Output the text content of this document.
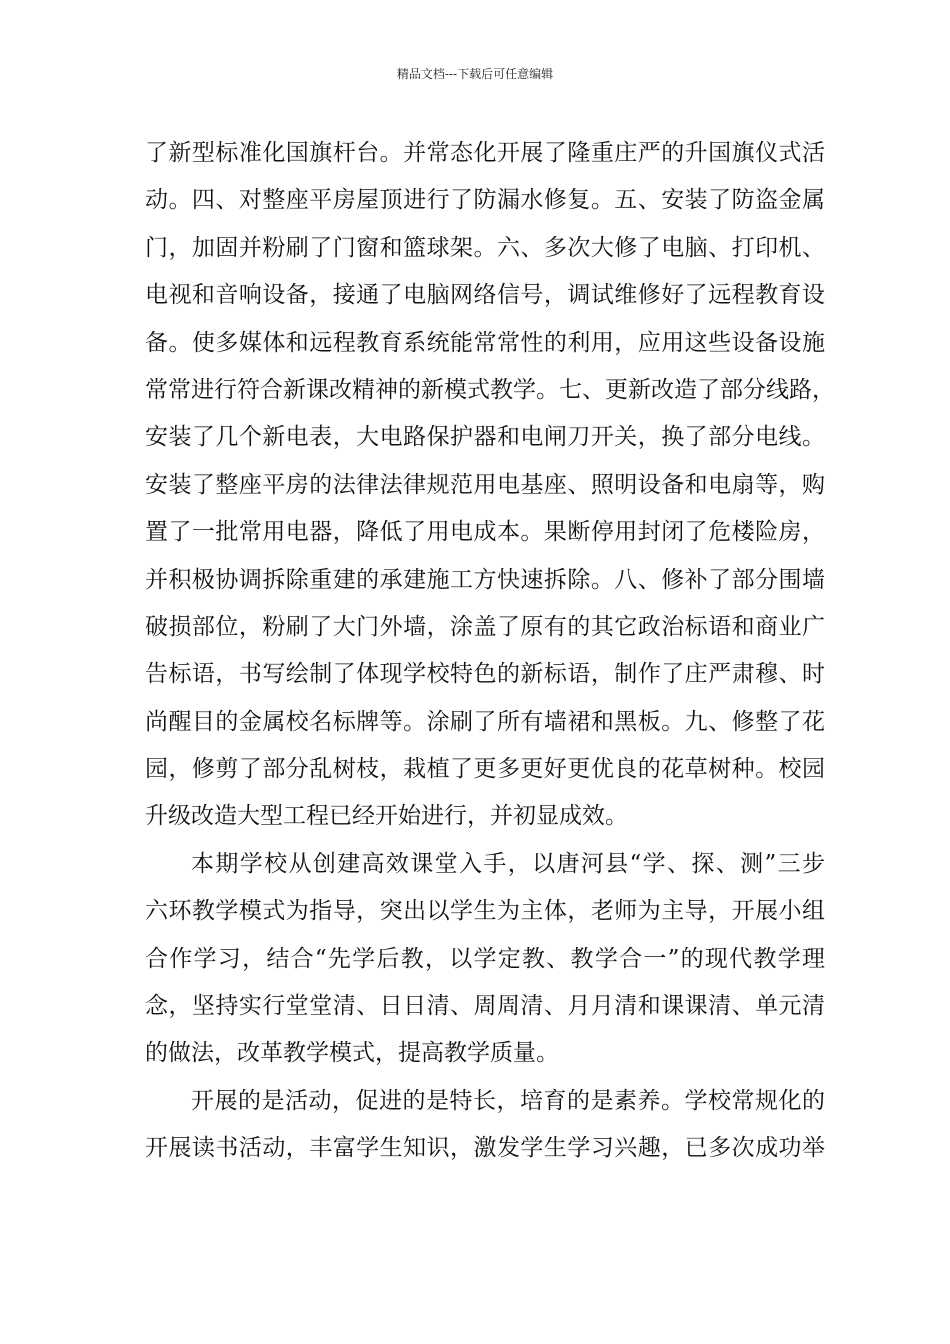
精品文档---下载后可任意编辑
了新型标准化国旗杆台。并常态化开展了隆重庄严的升国旗仪式活
动。四、对整座平房屋顶进行了防漏水修复。五、安装了防盗金属
门，加固并粉刷了门窗和篮球架。六、多次大修了电脑、打印机、
电视和音响设备，接通了电脑网络信号，调试维修好了远程教育设
备。使多媒体和远程教育系统能常常性的利用，应用这些设备设施
常常进行符合新课改精神的新模式教学。七、更新改造了部分线路，
安装了几个新电表，大电路保护器和电闸刀开关，换了部分电线。
安装了整座平房的法律法律规范用电基座、照明设备和电扇等，购
置了一批常用电器，降低了用电成本。果断停用封闭了危楼险房，
并积极协调拆除重建的承建施工方快速拆除。八、修补了部分围墙
破损部位，粉刷了大门外墙，涂盖了原有的其它政治标语和商业广
告标语，书写绘制了体现学校特色的新标语，制作了庄严肃穆、时
尚醒目的金属校名标牌等。涂刷了所有墙裙和黑板。九、修整了花
园，修剪了部分乱树枝，栽植了更多更好更优良的花草树种。校园
升级改造大型工程已经开始进行，并初显成效。
本期学校从创建高效课堂入手，以唐河县“学、探、测”三步
六环教学模式为指导，突出以学生为主体，老师为主导，开展小组
合作学习，结合“先学后教，以学定教、教学合一”的现代教学理
念，坚持实行堂堂清、日日清、周周清、月月清和课课清、单元清
的做法，改革教学模式，提高教学质量。
开展的是活动，促进的是特长，培育的是素养。学校常规化的
开展读书活动，丰富学生知识，激发学生学习兴趣，已多次成功举
